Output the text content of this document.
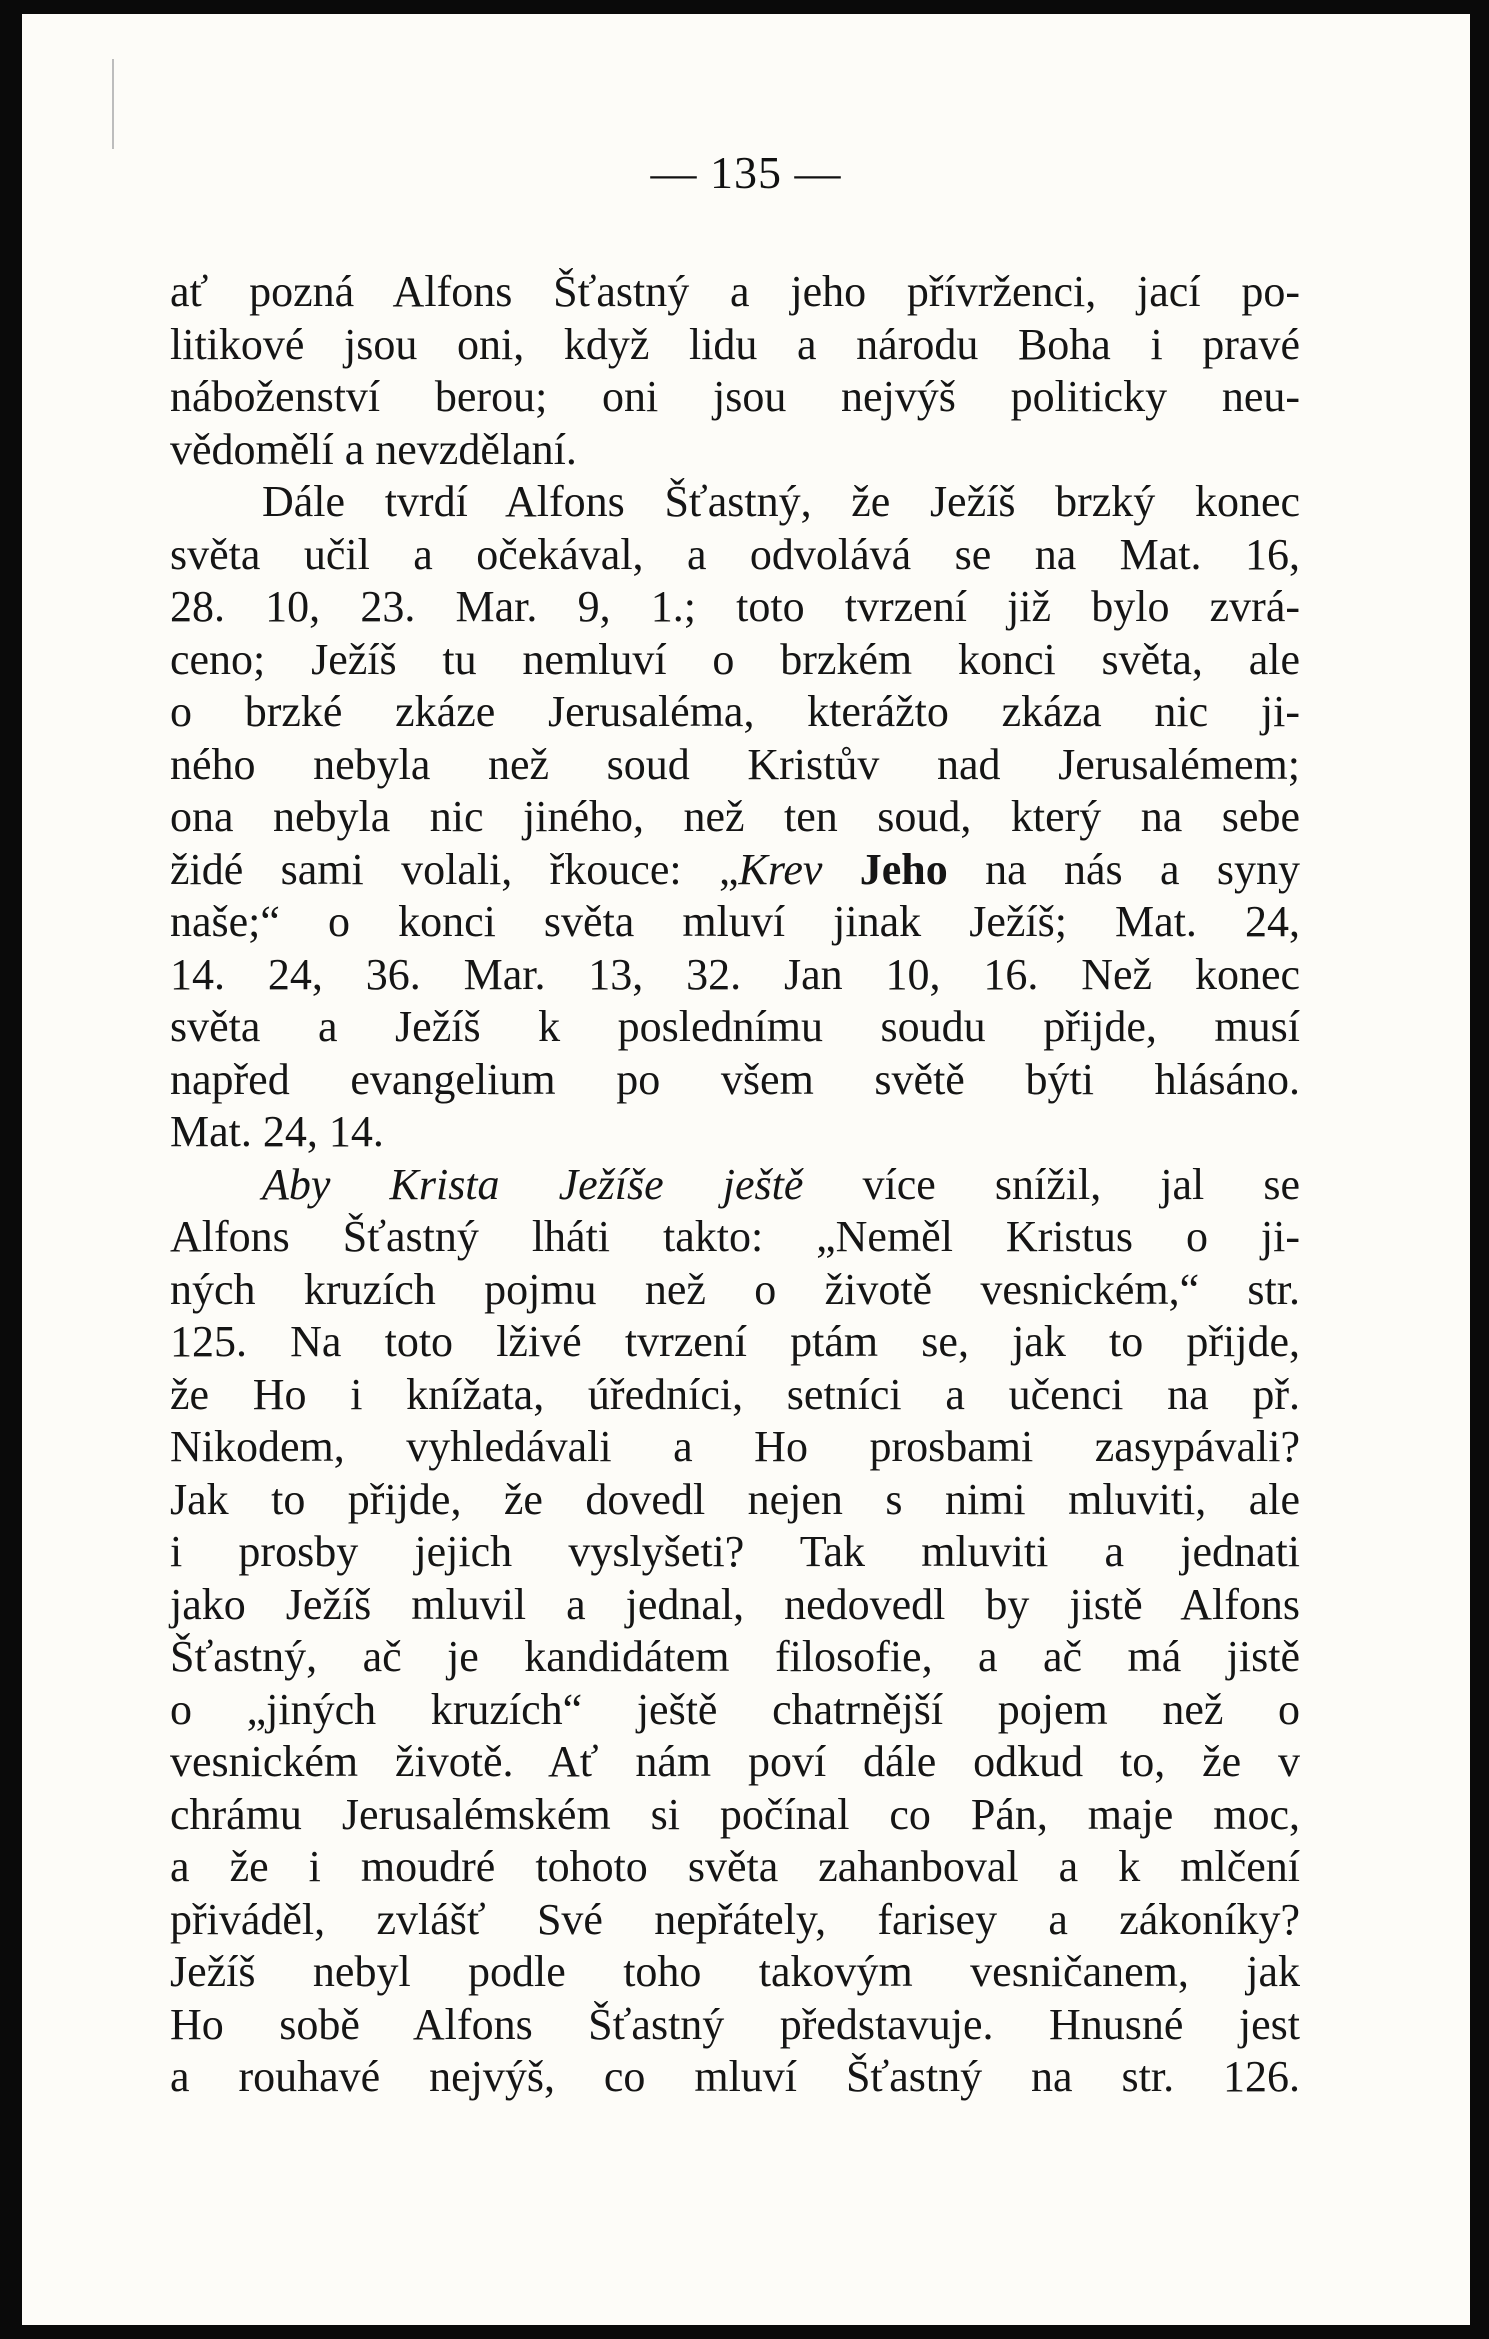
— 135 —
ať pozná Alfons Šťastný a jeho přívrženci, jací po-
litikové jsou oni, když lidu a národu Boha i pravé
náboženství berou; oni jsou nejvýš politicky neu-
vědomělí a nevzdělaní.
Dále tvrdí Alfons Šťastný, že Ježíš brzký konec
světa učil a očekával, a odvolává se na Mat. 16,
28. 10, 23. Mar. 9, 1.; toto tvrzení již bylo zvrá-
ceno; Ježíš tu nemluví o brzkém konci světa, ale
o brzké zkáze Jerusaléma, kterážto zkáza nic ji-
ného nebyla než soud Kristův nad Jerusalémem;
ona nebyla nic jiného, než ten soud, který na sebe
židé sami volali, řkouce: „Krev Jeho na nás a syny
naše;“ o konci světa mluví jinak Ježíš; Mat. 24,
14. 24, 36. Mar. 13, 32. Jan 10, 16. Než konec
světa a Ježíš k poslednímu soudu přijde, musí
napřed evangelium po všem světě býti hlásáno.
Mat. 24, 14.
Aby Krista Ježíše ještě více snížil, jal se
Alfons Šťastný lháti takto: „Neměl Kristus o ji-
ných kruzích pojmu než o životě vesnickém,“ str.
125. Na toto lživé tvrzení ptám se, jak to přijde,
že Ho i knížata, úředníci, setníci a učenci na př.
Nikodem, vyhledávali a Ho prosbami zasypávali?
Jak to přijde, že dovedl nejen s nimi mluviti, ale
i prosby jejich vyslyšeti? Tak mluviti a jednati
jako Ježíš mluvil a jednal, nedovedl by jistě Alfons
Šťastný, ač je kandidátem filosofie, a ač má jistě
o „jiných kruzích“ ještě chatrnější pojem než o
vesnickém životě. Ať nám poví dále odkud to, že v
chrámu Jerusalémském si počínal co Pán, maje moc,
a že i moudré tohoto světa zahanboval a k mlčení
přiváděl, zvlášť Své nepřátely, farisey a zákoníky?
Ježíš nebyl podle toho takovým vesničanem, jak
Ho sobě Alfons Šťastný představuje. Hnusné jest
a rouhavé nejvýš, co mluví Šťastný na str. 126.
